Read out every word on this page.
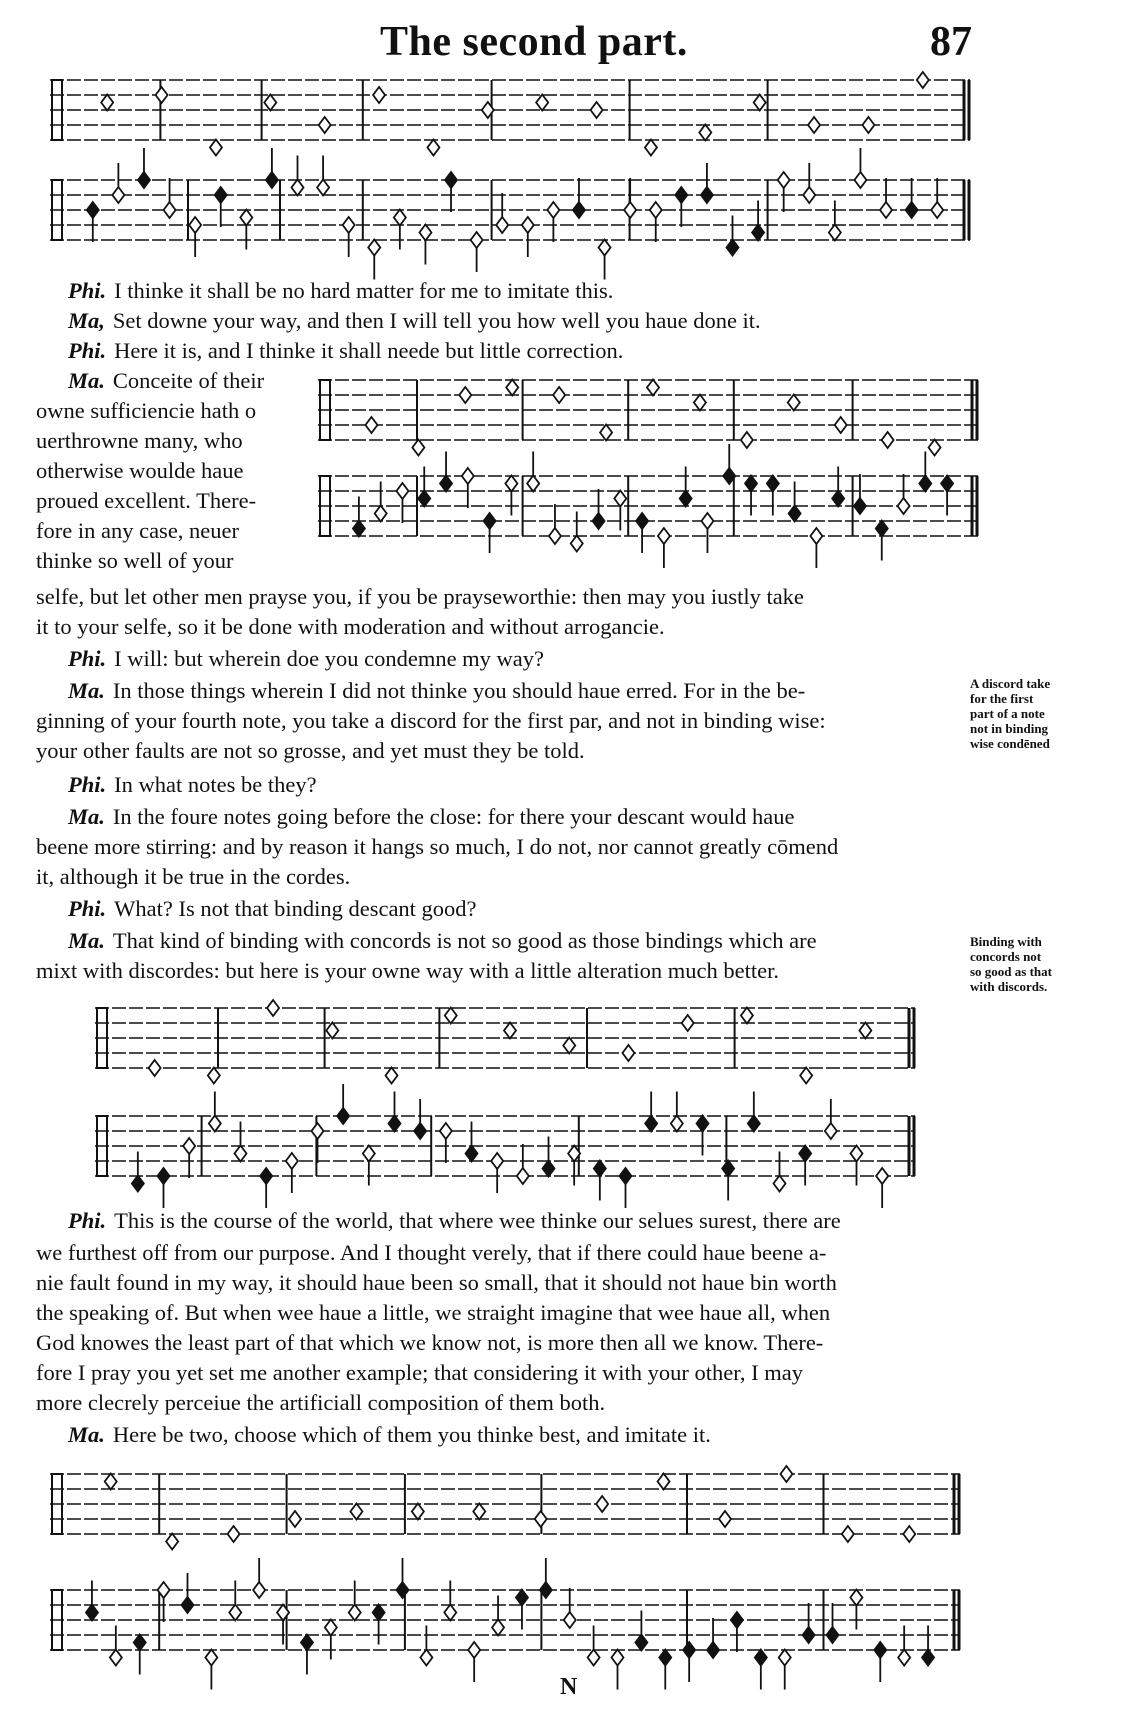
The second part.	87
Phi. I thinke it shall be no hard matter for me to imitate this.
Ma, Set downe your way, and then I will tell you how well you haue done it.
Phi. Here it is, and I thinke it shall neede but little correction.
Ma. Conceite of their
owne sufficiencie hath o
uerthrowne many, who
otherwise woulde haue
proued excellent. There-
fore in any case, neuer
thinke so well of your
selfe, but let other men prayse you, if you be prayseworthie: then may you iustly take
it to your selfe, so it be done with moderation and without arrogancie.
Phi. I will: but wherein doe you condemne my way?
Ma. In those things wherein I did not thinke you should haue erred. For in the be-
ginning of your fourth note, you take a discord for the first par, and not in binding wise:
your other faults are not so grosse, and yet must they be told.
A discord take
for the first
part of a note
not in binding
wise condēned
Phi. In what notes be they?
Ma. In the foure notes going before the close: for there your descant would haue
beene more stirring: and by reason it hangs so much, I do not, nor cannot greatly cōmend
it, although it be true in the cordes.
Phi. What? Is not that binding descant good?
Ma. That kind of binding with concords is not so good as those bindings which are
mixt with discordes: but here is your owne way with a little alteration much better.
Binding with
concords not
so good as that
with discords.
Phi. This is the course of the world, that where wee thinke our selues surest, there are
we furthest off from our purpose. And I thought verely, that if there could haue beene a-
nie fault found in my way, it should haue been so small, that it should not haue bin worth
the speaking of. But when wee haue a little, we straight imagine that wee haue all, when
God knowes the least part of that which we know not, is more then all we know. There-
fore I pray you yet set me another example; that considering it with your other, I may
more clecrely perceiue the artificiall composition of them both.
Ma. Here be two, choose which of them you thinke best, and imitate it.
N
